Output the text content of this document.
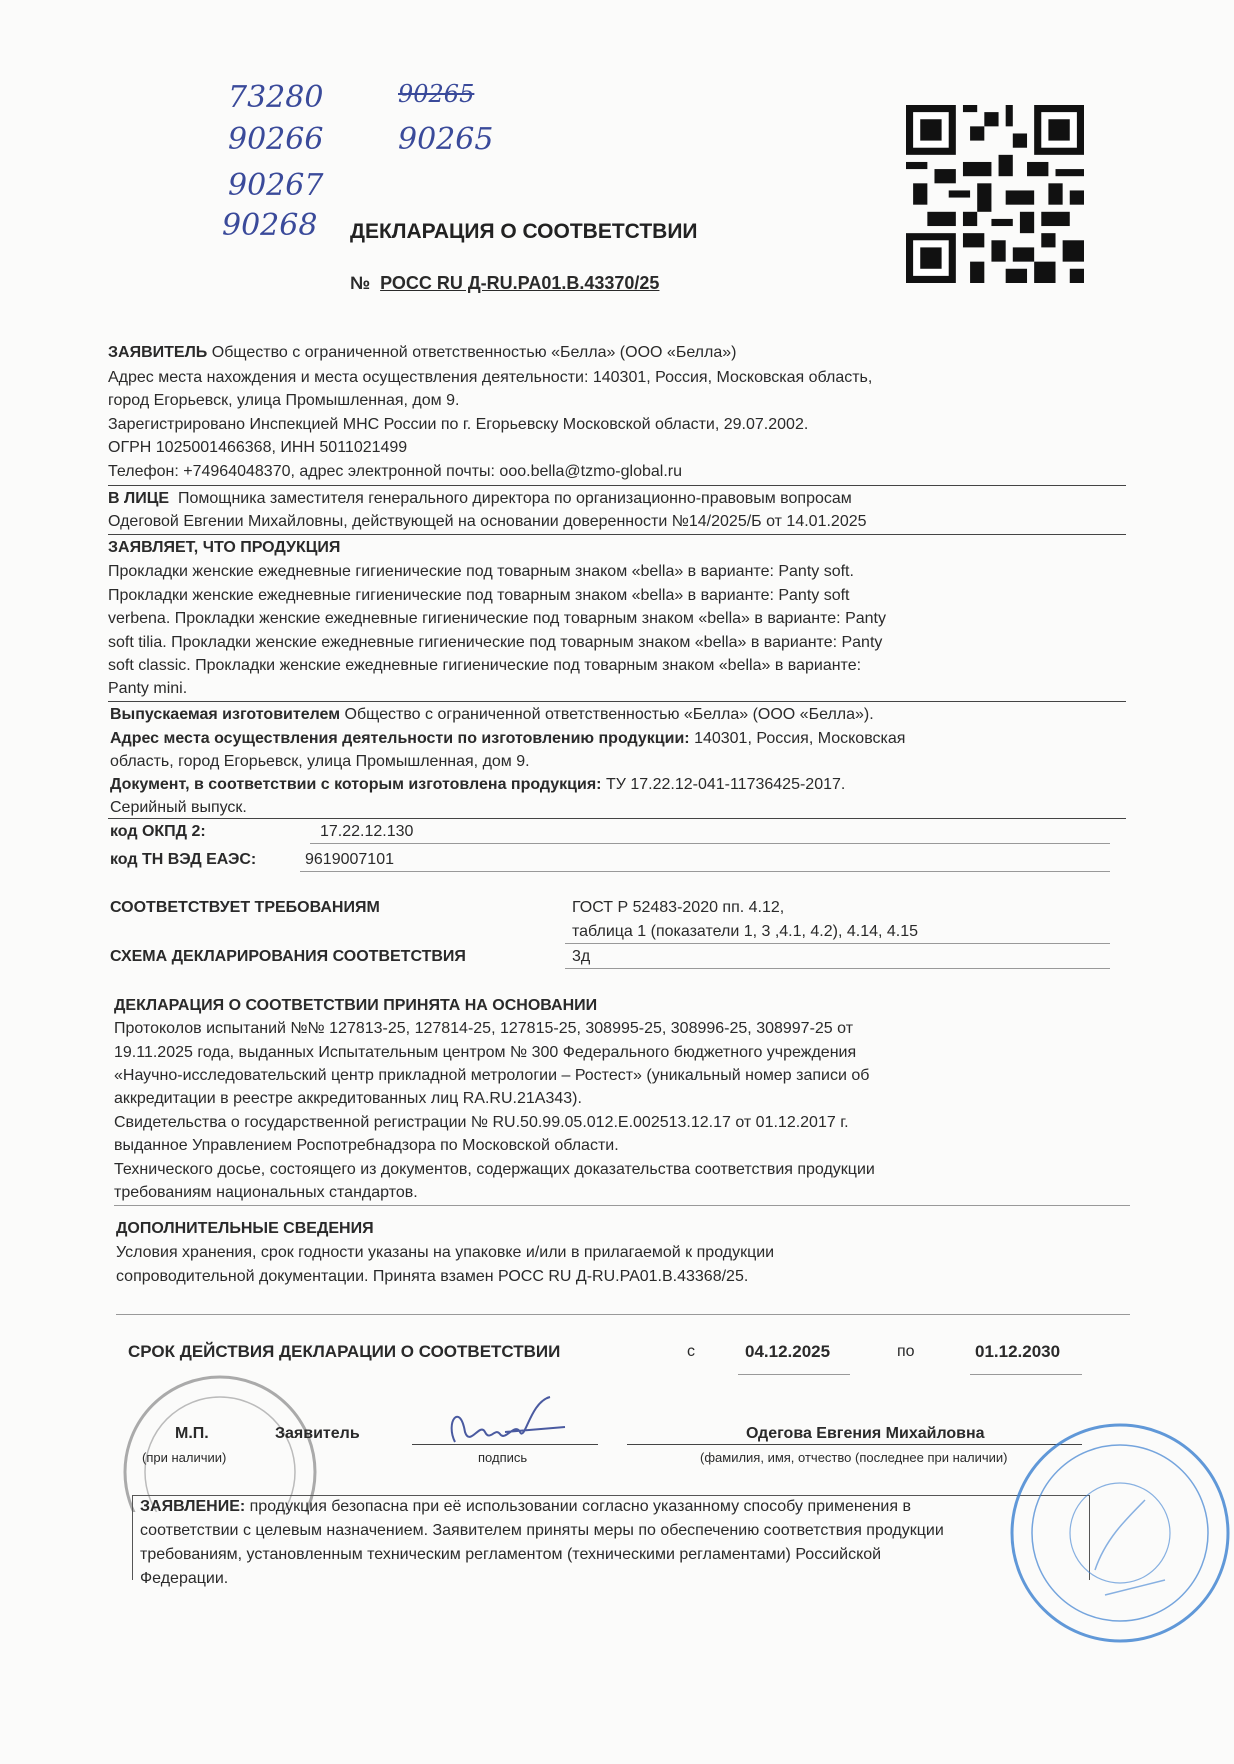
73280
90266
90267
90268
90265
90265
ДЕКЛАРАЦИЯ О СООТВЕТСТВИИ
№ РОСС RU Д-RU.PA01.B.43370/25
ЗАЯВИТЕЛЬ Общество с ограниченной ответственностью «Белла» (ООО «Белла»)
Адрес места нахождения и места осуществления деятельности: 140301, Россия, Московская область,
город Егорьевск, улица Промышленная, дом 9.
Зарегистрировано Инспекцией МНС России по г. Егорьевску Московской области, 29.07.2002.
ОГРН 1025001466368, ИНН 5011021499
Телефон: +74964048370, адрес электронной почты: ooo.bella@tzmo-global.ru
В ЛИЦЕ Помощника заместителя генерального директора по организационно-правовым вопросам
Одеговой Евгении Михайловны, действующей на основании доверенности №14/2025/Б от 14.01.2025
ЗАЯВЛЯЕТ, ЧТО ПРОДУКЦИЯ
Прокладки женские ежедневные гигиенические под товарным знаком «bella» в варианте: Panty soft.
Прокладки женские ежедневные гигиенические под товарным знаком «bella» в варианте: Panty soft
verbena. Прокладки женские ежедневные гигиенические под товарным знаком «bella» в варианте: Panty
soft tilia. Прокладки женские ежедневные гигиенические под товарным знаком «bella» в варианте: Panty
soft classic. Прокладки женские ежедневные гигиенические под товарным знаком «bella» в варианте:
Panty mini.
Выпускаемая изготовителем Общество с ограниченной ответственностью «Белла» (ООО «Белла»).
Адрес места осуществления деятельности по изготовлению продукции: 140301, Россия, Московская
область, город Егорьевск, улица Промышленная, дом 9.
Документ, в соответствии с которым изготовлена продукция: ТУ 17.22.12-041-11736425-2017.
Серийный выпуск.
код ОКПД 2:	17.22.12.130
код ТН ВЭД ЕАЭС:	9619007101
СООТВЕТСТВУЕТ ТРЕБОВАНИЯМ	ГОСТ Р 52483-2020 пп. 4.12,
таблица 1 (показатели 1, 3 ,4.1, 4.2), 4.14, 4.15
СХЕМА ДЕКЛАРИРОВАНИЯ СООТВЕТСТВИЯ	3д
ДЕКЛАРАЦИЯ О СООТВЕТСТВИИ ПРИНЯТА НА ОСНОВАНИИ
Протоколов испытаний №№ 127813-25, 127814-25, 127815-25, 308995-25, 308996-25, 308997-25 от
19.11.2025 года, выданных Испытательным центром № 300 Федерального бюджетного учреждения
«Научно-исследовательский центр прикладной метрологии – Ростест» (уникальный номер записи об
аккредитации в реестре аккредитованных лиц RA.RU.21A343).
Свидетельства о государственной регистрации № RU.50.99.05.012.E.002513.12.17 от 01.12.2017 г.
выданное Управлением Роспотребнадзора по Московской области.
Технического досье, состоящего из документов, содержащих доказательства соответствия продукции
требованиям национальных стандартов.
ДОПОЛНИТЕЛЬНЫЕ СВЕДЕНИЯ
Условия хранения, срок годности указаны на упаковке и/или в прилагаемой к продукции
сопроводительной документации. Принята взамен РОСС RU Д-RU.PA01.B.43368/25.
СРОК ДЕЙСТВИЯ ДЕКЛАРАЦИИ О СООТВЕТСТВИИ	с	04.12.2025	по	01.12.2030
М.П.
(при наличии)
Заявитель
подпись
Одегова Евгения Михайловна
(фамилия, имя, отчество (последнее при наличии)
ЗАЯВЛЕНИЕ: продукция безопасна при её использовании согласно указанному способу применения в
соответствии с целевым назначением. Заявителем приняты меры по обеспечению соответствия продукции
требованиям, установленным техническим регламентом (техническими регламентами) Российской
Федерации.
